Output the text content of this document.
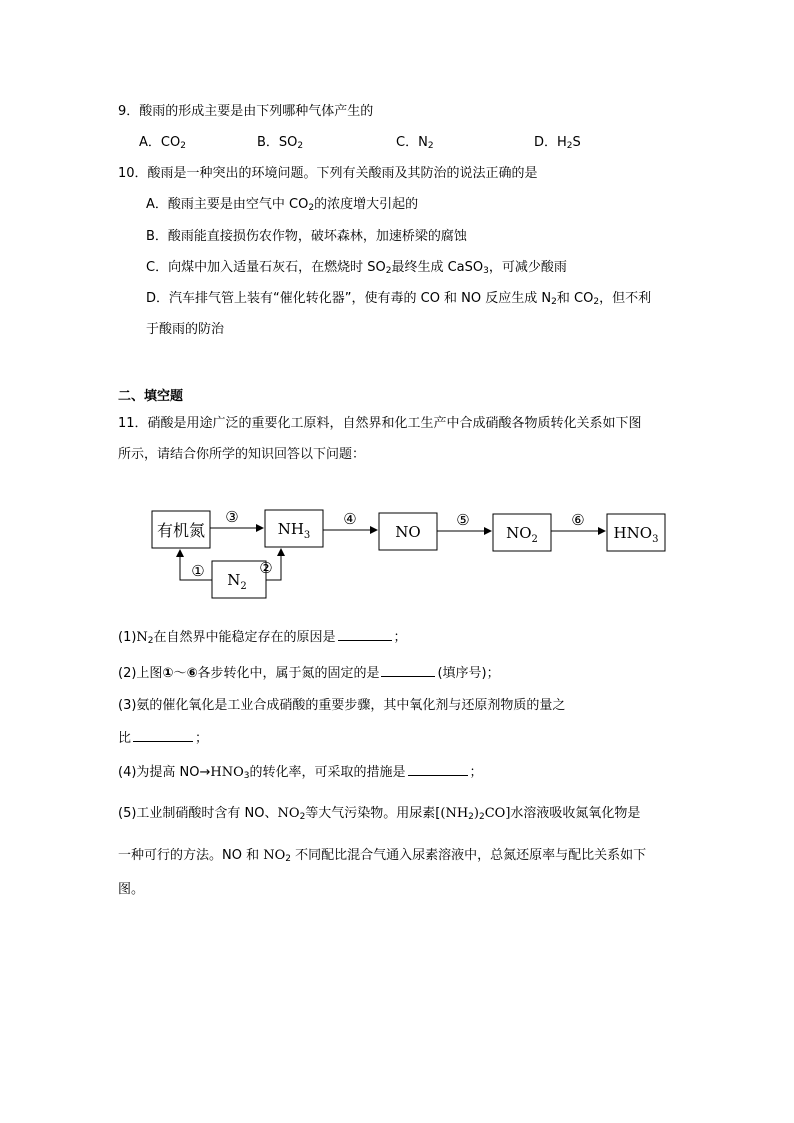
9．酸雨的形成主要是由下列哪种气体产生的
A．$CO_2$	B．$SO_2$	C．$N_2$	D．$H_2S$
10．酸雨是一种突出的环境问题。下列有关酸雨及其防治的说法正确的是
A．酸雨主要是由空气中 $CO_2$的浓度增大引起的
B．酸雨能直接损伤农作物，破坏森林，加速桥梁的腐蚀
C．向煤中加入适量石灰石，在燃烧时 $SO_2$最终生成 CaSO$_3$，可减少酸雨
D．汽车排气管上装有“催化转化器”，使有毒的 CO 和 NO 反应生成 $N_2$和 $CO_2$，但不利
于酸雨的防治
二、填空题
11．硝酸是用途广泛的重要化工原料，自然界和化工生产中合成硝酸各物质转化关系如下图
所示，请结合你所学的知识回答以下问题：
有机氮	$NH_3$	NO	$NO_2$	$HNO_3$
$N_2$
③	④	⑤	⑥
①	②
$(1)N_2$在自然界中能稳定存在的原因是	；
(2)上图①～⑥各步转化中，属于氮的固定的是	(填序号)；
(3)氨的催化氧化是工业合成硝酸的重要步骤，其中氧化剂与还原剂物质的量之
比	；
(4)为提高 $NO\to HNO_3$的转化率，可采取的措施是	；
(5)工业制硝酸时含有 NO、$NO_2$等大气污染物。用尿素$[(NH_2)_2CO]$水溶液吸收氮氧化物是
一种可行的方法。NO 和 $NO_2$ 不同配比混合气通入尿素溶液中，总氮还原率与配比关系如下
图。
